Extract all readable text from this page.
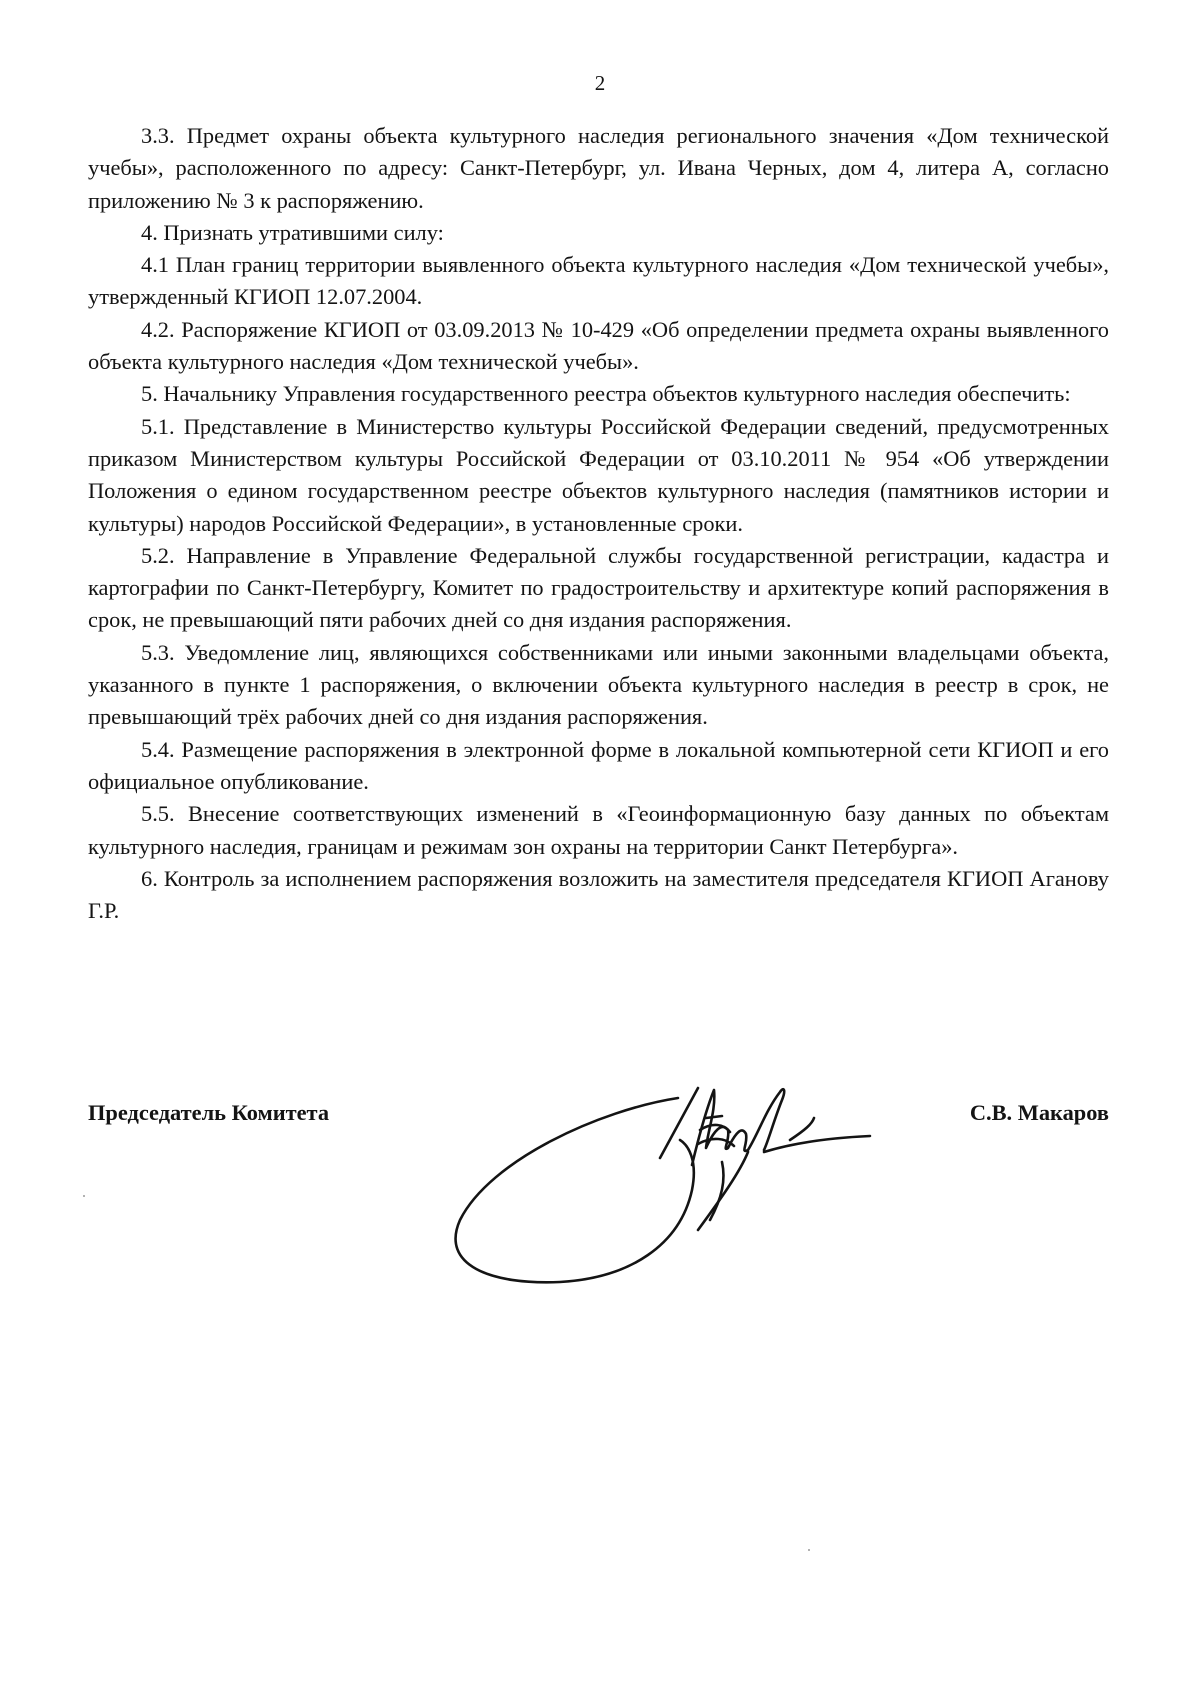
2

3.3. Предмет охраны объекта культурного наследия регионального значения «Дом технической учебы», расположенного по адресу: Санкт-Петербург, ул. Ивана Черных, дом 4, литера А, согласно приложению № 3 к распоряжению.

4. Признать утратившими силу:

4.1 План границ территории выявленного объекта культурного наследия «Дом технической учебы», утвержденный КГИОП 12.07.2004.

4.2. Распоряжение КГИОП от 03.09.2013 № 10-429 «Об определении предмета охраны выявленного объекта культурного наследия «Дом технической учебы».

5. Начальнику Управления государственного реестра объектов культурного наследия обеспечить:

5.1. Представление в Министерство культуры Российской Федерации сведений, предусмотренных приказом Министерством культуры Российской Федерации от 03.10.2011 № 954 «Об утверждении Положения о едином государственном реестре объектов культурного наследия (памятников истории и культуры) народов Российской Федерации», в установленные сроки.

5.2. Направление в Управление Федеральной службы государственной регистрации, кадастра и картографии по Санкт-Петербургу, Комитет по градостроительству и архитектуре копий распоряжения в срок, не превышающий пяти рабочих дней со дня издания распоряжения.

5.3. Уведомление лиц, являющихся собственниками или иными законными владельцами объекта, указанного в пункте 1 распоряжения, о включении объекта культурного наследия в реестр в срок, не превышающий трёх рабочих дней со дня издания распоряжения.

5.4. Размещение распоряжения в электронной форме в локальной компьютерной сети КГИОП и его официальное опубликование.

5.5. Внесение соответствующих изменений в «Геоинформационную базу данных по объектам культурного наследия, границам и режимам зон охраны на территории Санкт Петербурга».

6. Контроль за исполнением распоряжения возложить на заместителя председателя КГИОП Аганову Г.Р.

Председатель Комитета	С.В. Макаров
